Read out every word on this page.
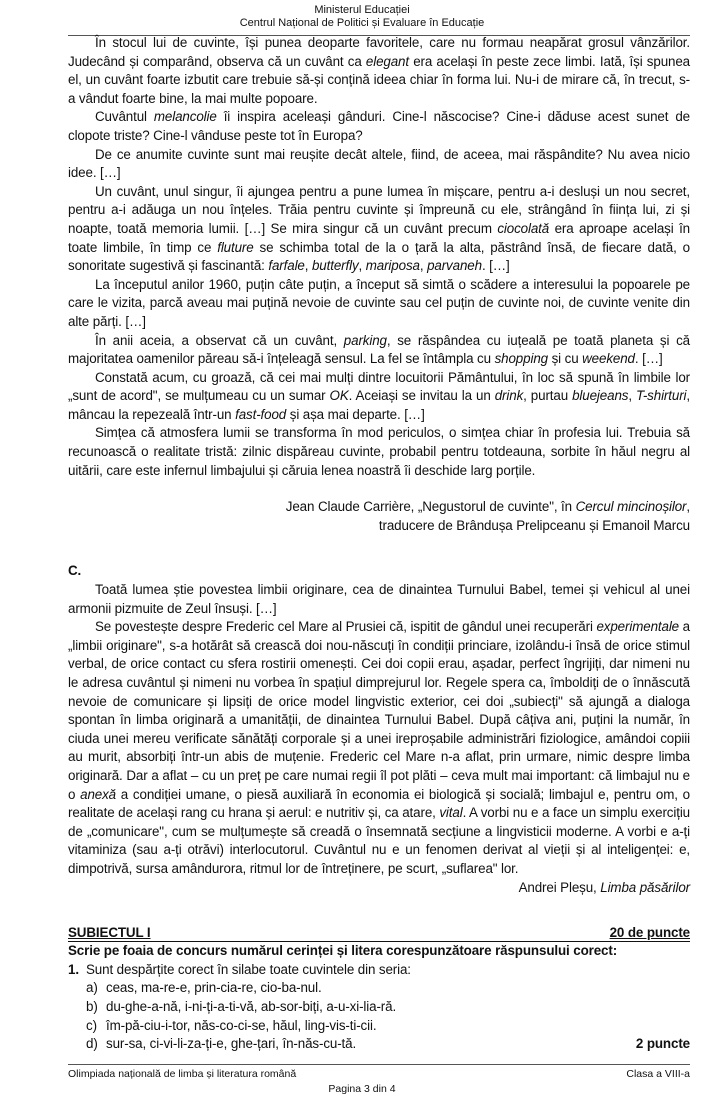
Ministerul Educației
Centrul Național de Politici și Evaluare în Educație

În stocul lui de cuvinte, își punea deoparte favoritele, care nu formau neapărat grosul vânzărilor. Judecând și comparând, observa că un cuvânt ca elegant era același în peste zece limbi. Iată, își spunea el, un cuvânt foarte izbutit care trebuie să-și conțină ideea chiar în forma lui. Nu-i de mirare că, în trecut, s-a vândut foarte bine, la mai multe popoare.

Cuvântul melancolie îi inspira aceleași gânduri. Cine-l născocise? Cine-i dăduse acest sunet de clopote triste? Cine-l vânduse peste tot în Europa?

De ce anumite cuvinte sunt mai reușite decât altele, fiind, de aceea, mai răspândite? Nu avea nicio idee. […]

Un cuvânt, unul singur, îi ajungea pentru a pune lumea în mișcare, pentru a-i desluși un nou secret, pentru a-i adăuga un nou înțeles. Trăia pentru cuvinte și împreună cu ele, strângând în ființa lui, zi și noapte, toată memoria lumii. […] Se mira singur că un cuvânt precum ciocolată era aproape același în toate limbile, în timp ce fluture se schimba total de la o țară la alta, păstrând însă, de fiecare dată, o sonoritate sugestivă și fascinantă: farfale, butterfly, mariposa, parvaneh. […]

La începutul anilor 1960, puțin câte puțin, a început să simtă o scădere a interesului la popoarele pe care le vizita, parcă aveau mai puțină nevoie de cuvinte sau cel puțin de cuvinte noi, de cuvinte venite din alte părți. […]

În anii aceia, a observat că un cuvânt, parking, se răspândea cu iuțeală pe toată planeta și că majoritatea oamenilor păreau să-i înțeleagă sensul. La fel se întâmpla cu shopping și cu weekend. […]

Constată acum, cu groază, că cei mai mulți dintre locuitorii Pământului, în loc să spună în limbile lor „sunt de acord", se mulțumeau cu un sumar OK. Aceiași se invitau la un drink, purtau bluejeans, T-shirturi, mâncau la repezeală într-un fast-food și așa mai departe. […]

Simțea că atmosfera lumii se transforma în mod periculos, o simțea chiar în profesia lui. Trebuia să recunoască o realitate tristă: zilnic dispăreau cuvinte, probabil pentru totdeauna, sorbite în hăul negru al uitării, care este infernul limbajului și căruia lenea noastră îi deschide larg porțile.

Jean Claude Carrière, „Negustorul de cuvinte", în Cercul mincinoșilor,

traducere de Brândușa Prelipceanu și Emanoil Marcu

C.

Toată lumea știe povestea limbii originare, cea de dinaintea Turnului Babel, temei și vehicul al unei armonii pizmuite de Zeul însuși. […]

Se povestește despre Frederic cel Mare al Prusiei că, ispitit de gândul unei recuperări experimentale a „limbii originare", s-a hotărât să crească doi nou-născuți în condiții princiare, izolându-i însă de orice stimul verbal, de orice contact cu sfera rostirii omenești. Cei doi copii erau, așadar, perfect îngrijiți, dar nimeni nu le adresa cuvântul și nimeni nu vorbea în spațiul dimprejurul lor. Regele spera ca, îmboldiți de o înnăscută nevoie de comunicare și lipsiți de orice model lingvistic exterior, cei doi „subiecți" să ajungă a dialoga spontan în limba originară a umanității, de dinaintea Turnului Babel. După câțiva ani, puțini la număr, în ciuda unei mereu verificate sănătăți corporale și a unei ireproșabile administrări fiziologice, amândoi copiii au murit, absorbiți într-un abis de muțenie. Frederic cel Mare n-a aflat, prin urmare, nimic despre limba originară. Dar a aflat – cu un preț pe care numai regii îl pot plăti – ceva mult mai important: că limbajul nu e o anexă a condiției umane, o piesă auxiliară în economia ei biologică și socială; limbajul e, pentru om, o realitate de același rang cu hrana și aerul: e nutritiv și, ca atare, vital. A vorbi nu e a face un simplu exercițiu de „comunicare", cum se mulțumește să creadă o însemnată secțiune a lingvisticii moderne. A vorbi e a-ți vitaminiza (sau a-ți otrăvi) interlocutorul. Cuvântul nu e un fenomen derivat al vieții și al inteligenței: e, dimpotrivă, sursa amândurora, ritmul lor de întreținere, pe scurt, „suflarea" lor.

Andrei Pleșu, Limba păsărilor

SUBIECTUL I	20 de puncte
Scrie pe foaia de concurs numărul cerinței și litera corespunzătoare răspunsului corect:
1. Sunt despărțite corect în silabe toate cuvintele din seria:
a) ceas, ma-re-e, prin-cia-re, cio-ba-nul.
b) du-ghe-a-nă, i-ni-ți-a-ti-vă, ab-sor-biți, a-u-xi-lia-ră.
c) îm-pă-ciu-i-tor, năs-co-ci-se, hăul, ling-vis-ti-cii.
d) sur-sa, ci-vi-li-za-ți-e, ghe-țari, în-năs-cu-tă.	2 puncte
Olimpiada națională de limba și literatura română	Clasa a VIII-a
Pagina 3 din 4
